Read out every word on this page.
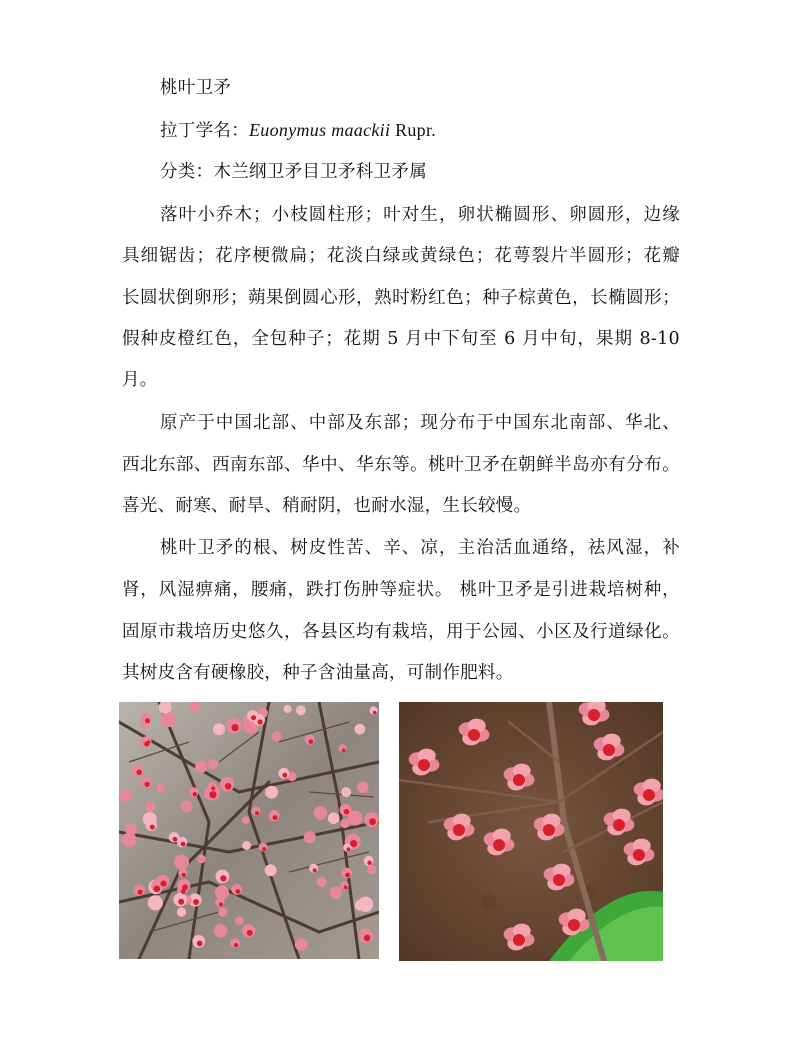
桃叶卫矛
拉丁学名：Euonymus maackii Rupr.
分类：木兰纲卫矛目卫矛科卫矛属
落叶小乔木；小枝圆柱形；叶对生，卵状椭圆形、卵圆形，边缘
具细锯齿；花序梗微扁；花淡白绿或黄绿色；花萼裂片半圆形；花瓣
长圆状倒卵形；蒴果倒圆心形，熟时粉红色；种子棕黄色，长椭圆形；
假种皮橙红色，全包种子；花期 5 月中下旬至 6 月中旬，果期 8-10
月。
原产于中国北部、中部及东部；现分布于中国东北南部、华北、
西北东部、西南东部、华中、华东等。桃叶卫矛在朝鲜半岛亦有分布。
喜光、耐寒、耐旱、稍耐阴，也耐水湿，生长较慢。
桃叶卫矛的根、树皮性苦、辛、凉，主治活血通络，祛风湿，补
肾，风湿痹痛，腰痛，跌打伤肿等症状。 桃叶卫矛是引进栽培树种，
固原市栽培历史悠久，各县区均有栽培，用于公园、小区及行道绿化。
其树皮含有硬橡胶，种子含油量高，可制作肥料。
